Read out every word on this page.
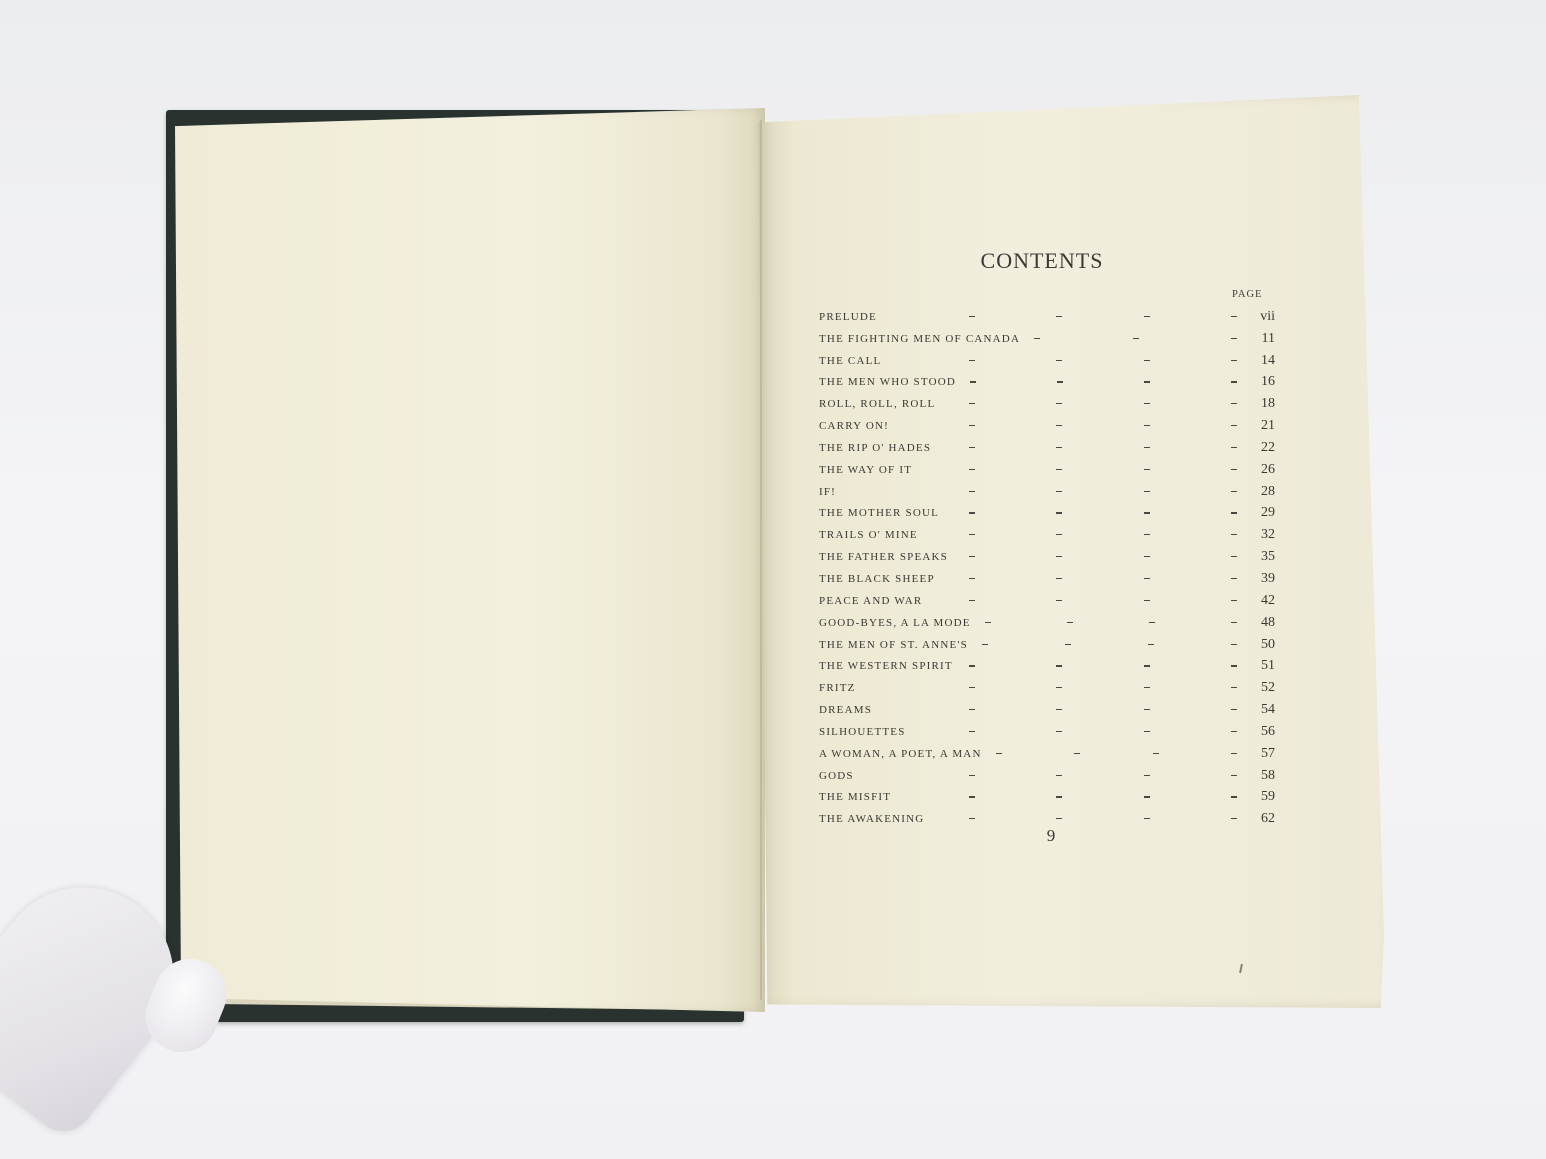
CONTENTS
PAGE
PRELUDE	vii
THE FIGHTING MEN OF CANADA	11
THE CALL	14
THE MEN WHO STOOD	16
ROLL, ROLL, ROLL	18
CARRY ON!	21
THE RIP O' HADES	22
THE WAY OF IT	26
IF!	28
THE MOTHER SOUL	29
TRAILS O' MINE	32
THE FATHER SPEAKS	35
THE BLACK SHEEP	39
PEACE AND WAR	42
GOOD-BYES, A LA MODE	48
THE MEN OF ST. ANNE'S	50
THE WESTERN SPIRIT	51
FRITZ	52
DREAMS	54
SILHOUETTES	56
A WOMAN, A POET, A MAN	57
GODS	58
THE MISFIT	59
THE AWAKENING	62
9
